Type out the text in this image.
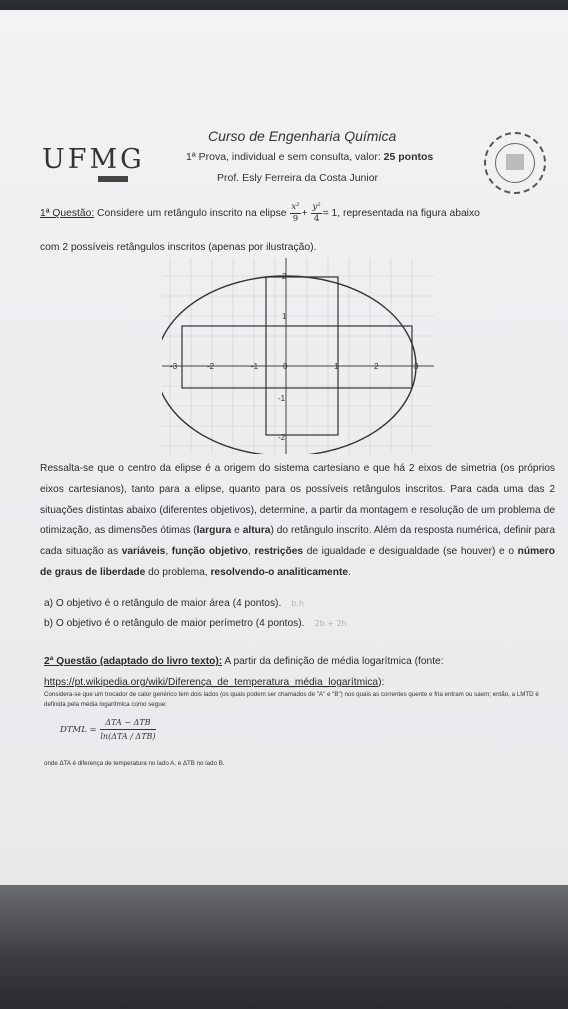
UFMG
Curso de Engenharia Química
1ª Prova, individual e sem consulta, valor: 25 pontos
Prof. Esly Ferreira da Costa Junior
1ª Questão: Considere um retângulo inscrito na elipse $\frac{\text{x²}}{9} + \frac{\text{y²}}{4} = 1$, representada na figura abaixo
com 2 possíveis retângulos inscritos (apenas por ilustração).
-3	-2	-1	0	1	2	3
2
1
-1
-2
Ressalta-se que o centro da elipse é a origem do sistema cartesiano e que há 2 eixos de simetria (os próprios eixos cartesianos), tanto para a elipse, quanto para os possíveis retângulos inscritos. Para cada uma das 2 situações distintas abaixo (diferentes objetivos), determine, a partir da montagem e resolução de um problema de otimização, as dimensões ótimas (largura e altura) do retângulo inscrito. Além da resposta numérica, definir para cada situação as variáveis, função objetivo, restrições de igualdade e desigualdade (se houver) e o número de graus de liberdade do problema, resolvendo-o analiticamente.
a) O objetivo é o retângulo de maior área (4 pontos). b.h
b) O objetivo é o retângulo de maior perímetro (4 pontos). 2b + 2h
2ª Questão (adaptado do livro texto): A partir da definição de média logarítmica (fonte:
https://pt.wikipedia.org/wiki/Diferença_de_temperatura_média_logarítmica):
Considera-se que um trocador de calor genérico tem dois lados (os quais podem ser chamados de "A" e "B") nos quais as correntes quente e fria entram ou saem; então, a LMTD é definida pela média logarítmica como segue:
DTML = $\frac{\text{ΔTA − ΔTB}}{\text{ln(ΔTA / ΔTB)}}$
onde ΔTA é diferença de temperatura no lado A, e ΔTB no lado B.
